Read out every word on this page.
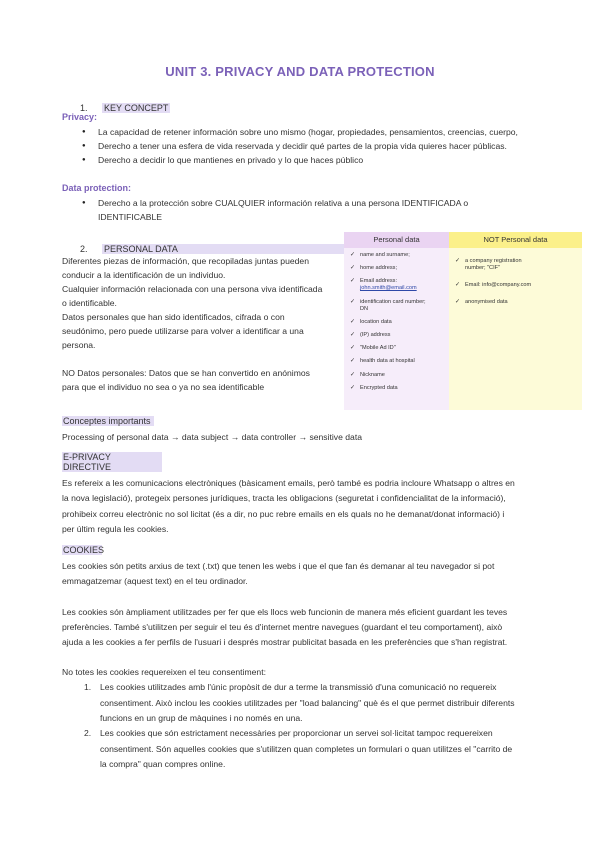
UNIT 3. PRIVACY AND DATA PROTECTION
1. KEY CONCEPT
Privacy:
● La capacidad de retener información sobre uno mismo (hogar, propiedades, pensamientos, creencias, cuerpo,
● Derecho a tener una esfera de vida reservada y decidir qué partes de la propia vida quieres hacer públicas.
● Derecho a decidir lo que mantienes en privado y lo que haces público
Data protection:
● Derecho a la protección sobre CUALQUIER información relativa a una persona IDENTIFICADA o
IDENTIFICABLE
2. PERSONAL DATA
Diferentes piezas de información, que recopiladas juntas pueden
conducir a la identificación de un individuo.
Cualquier información relacionada con una persona viva identificada
o identificable.
Datos personales que han sido identificados, cifrada o con
seudónimo, pero puede utilizarse para volver a identificar a una
persona.
NO Datos personales: Datos que se han convertido en anónimos
para que el individuo no sea o ya no sea identificable
Personal data
✓ name and surname;
✓ home address;
✓ Email address:
john.smith@email.com
✓ identification card number;
DN
✓ location data
✓ (IP) address
✓ "Mobile Ad ID"
✓ health data at hospital
✓ Nickname
✓ Encrypted data
NOT Personal data
✓ a company registration
number; "CIF"
✓ Email: info@company.com
✓ anonymised data
Conceptes importants
Processing of personal data → data subject → data controller → sensitive data
E-PRIVACY DIRECTIVE
Es refereix a les comunicacions electròniques (bàsicament emails, però també es podria incloure Whatsapp o altres en
la nova legislació), protegeix persones jurídiques, tracta les obligacions (seguretat i confidencialitat de la informació),
prohibeix correu electrònic no sol licitat (és a dir, no puc rebre emails en els quals no he demanat/donat informació) i
per últim regula les cookies.
COOKIES
Les cookies són petits arxius de text (.txt) que tenen les webs i que el que fan és demanar al teu navegador si pot
emmagatzemar (aquest text) en el teu ordinador.
Les cookies són àmpliament utilitzades per fer que els llocs web funcionin de manera més eficient guardant les teves
preferències. També s'utilitzen per seguir el teu és d'internet mentre navegues (guardant el teu comportament), això
ajuda a les cookies a fer perfils de l'usuari i després mostrar publicitat basada en les preferències que s'han registrat.
No totes les cookies requereixen el teu consentiment:
1. Les cookies utilitzades amb l'únic propòsit de dur a terme la transmissió d'una comunicació no requereix
consentiment. Això inclou les cookies utilitzades per "load balancing" què és el que permet distribuir diferents
funcions en un grup de màquines i no només en una.
2. Les cookies que són estrictament necessàries per proporcionar un servei sol·licitat tampoc requereixen
consentiment. Són aquelles cookies que s'utilitzen quan completes un formulari o quan utilitzes el "carrito de
la compra" quan compres online.
